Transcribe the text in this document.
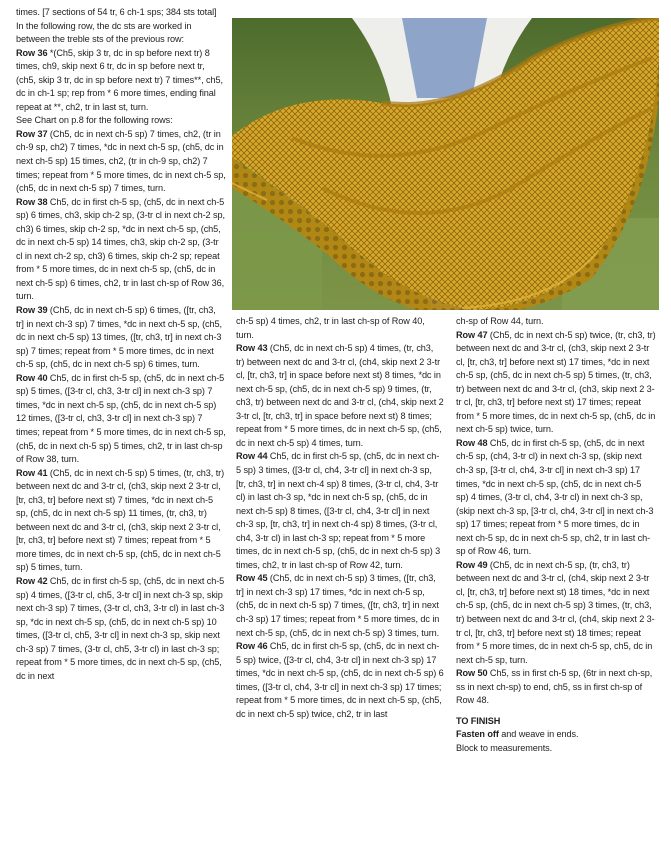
times. [7 sections of 54 tr, 6 ch-1 sps; 384 sts total]

In the following row, the dc sts are worked in between the treble sts of the previous row:

Row 36 *(Ch5, skip 3 tr, dc in sp before next tr) 8 times, ch9, skip next 6 tr, dc in sp before next tr, (ch5, skip 3 tr, dc in sp before next tr) 7 times**, ch5, dc in ch-1 sp; rep from * 6 more times, ending final repeat at **, ch2, tr in last st, turn.

See Chart on p.8 for the following rows:

Row 37 (Ch5, dc in next ch-5 sp) 7 times, ch2, (tr in ch-9 sp, ch2) 7 times, *dc in next ch-5 sp, (ch5, dc in next ch-5 sp) 15 times, ch2, (tr in ch-9 sp, ch2) 7 times; repeat from * 5 more times, dc in next ch-5 sp, (ch5, dc in next ch-5 sp) 7 times, turn.

Row 38 Ch5, dc in first ch-5 sp, (ch5, dc in next ch-5 sp) 6 times, ch3, skip ch-2 sp, (3-tr cl in next ch-2 sp, ch3) 6 times, skip ch-2 sp, *dc in next ch-5 sp, (ch5, dc in next ch-5 sp) 14 times, ch3, skip ch-2 sp, (3-tr cl in next ch-2 sp, ch3) 6 times, skip ch-2 sp; repeat from * 5 more times, dc in next ch-5 sp, (ch5, dc in next ch-5 sp) 6 times, ch2, tr in last ch-sp of Row 36, turn.

Row 39 (Ch5, dc in next ch-5 sp) 6 times, ([tr, ch3, tr] in next ch-3 sp) 7 times, *dc in next ch-5 sp, (ch5, dc in next ch-5 sp) 13 times, ([tr, ch3, tr] in next ch-3 sp) 7 times; repeat from * 5 more times, dc in next ch-5 sp, (ch5, dc in next ch-5 sp) 6 times, turn.

Row 40 Ch5, dc in first ch-5 sp, (ch5, dc in next ch-5 sp) 5 times, ([3-tr cl, ch3, 3-tr cl] in next ch-3 sp) 7 times, *dc in next ch-5 sp, (ch5, dc in next ch-5 sp) 12 times, ([3-tr cl, ch3, 3-tr cl] in next ch-3 sp) 7 times; repeat from * 5 more times, dc in next ch-5 sp, (ch5, dc in next ch-5 sp) 5 times, ch2, tr in last ch-sp of Row 38, turn.

Row 41 (Ch5, dc in next ch-5 sp) 5 times, (tr, ch3, tr) between next dc and 3-tr cl, (ch3, skip next 2 3-tr cl, [tr, ch3, tr] before next st) 7 times, *dc in next ch-5 sp, (ch5, dc in next ch-5 sp) 11 times, (tr, ch3, tr) between next dc and 3-tr cl, (ch3, skip next 2 3-tr cl, [tr, ch3, tr] before next st) 7 times; repeat from * 5 more times, dc in next ch-5 sp, (ch5, dc in next ch-5 sp) 5 times, turn.

Row 42 Ch5, dc in first ch-5 sp, (ch5, dc in next ch-5 sp) 4 times, ([3-tr cl, ch5, 3-tr cl] in next ch-3 sp, skip next ch-3 sp) 7 times, (3-tr cl, ch3, 3-tr cl) in last ch-3 sp, *dc in next ch-5 sp, (ch5, dc in next ch-5 sp) 10 times, ([3-tr cl, ch5, 3-tr cl] in next ch-3 sp, skip next ch-3 sp) 7 times, (3-tr cl, ch5, 3-tr cl) in last ch-3 sp; repeat from * 5 more times, dc in next ch-5 sp, (ch5, dc in next

ch-5 sp) 4 times, ch2, tr in last ch-sp of Row 40, turn.

Row 43 (Ch5, dc in next ch-5 sp) 4 times, (tr, ch3, tr) between next dc and 3-tr cl, (ch4, skip next 2 3-tr cl, [tr, ch3, tr] in space before next st) 8 times, *dc in next ch-5 sp, (ch5, dc in next ch-5 sp) 9 times, (tr, ch3, tr) between next dc and 3-tr cl, (ch4, skip next 2 3-tr cl, [tr, ch3, tr] in space before next st) 8 times; repeat from * 5 more times, dc in next ch-5 sp, (ch5, dc in next ch-5 sp) 4 times, turn.

Row 44 Ch5, dc in first ch-5 sp, (ch5, dc in next ch-5 sp) 3 times, ([3-tr cl, ch4, 3-tr cl] in next ch-3 sp, [tr, ch3, tr] in next ch-4 sp) 8 times, (3-tr cl, ch4, 3-tr cl) in last ch-3 sp, *dc in next ch-5 sp, (ch5, dc in next ch-5 sp) 8 times, ([3-tr cl, ch4, 3-tr cl] in next ch-3 sp, [tr, ch3, tr] in next ch-4 sp) 8 times, (3-tr cl, ch4, 3-tr cl) in last ch-3 sp; repeat from * 5 more times, dc in next ch-5 sp, (ch5, dc in next ch-5 sp) 3 times, ch2, tr in last ch-sp of Row 42, turn.

Row 45 (Ch5, dc in next ch-5 sp) 3 times, ([tr, ch3, tr] in next ch-3 sp) 17 times, *dc in next ch-5 sp, (ch5, dc in next ch-5 sp) 7 times, ([tr, ch3, tr] in next ch-3 sp) 17 times; repeat from * 5 more times, dc in next ch-5 sp, (ch5, dc in next ch-5 sp) 3 times, turn.

Row 46 Ch5, dc in first ch-5 sp, (ch5, dc in next ch-5 sp) twice, ([3-tr cl, ch4, 3-tr cl] in next ch-3 sp) 17 times, *dc in next ch-5 sp, (ch5, dc in next ch-5 sp) 6 times, ([3-tr cl, ch4, 3-tr cl] in next ch-3 sp) 17 times; repeat from * 5 more times, dc in next ch-5 sp, (ch5, dc in next ch-5 sp) twice, ch2, tr in last

ch-sp of Row 44, turn.

Row 47 (Ch5, dc in next ch-5 sp) twice, (tr, ch3, tr) between next dc and 3-tr cl, (ch3, skip next 2 3-tr cl, [tr, ch3, tr] before next st) 17 times, *dc in next ch-5 sp, (ch5, dc in next ch-5 sp) 5 times, (tr, ch3, tr) between next dc and 3-tr cl, (ch3, skip next 2 3-tr cl, [tr, ch3, tr] before next st) 17 times; repeat from * 5 more times, dc in next ch-5 sp, (ch5, dc in next ch-5 sp) twice, turn.

Row 48 Ch5, dc in first ch-5 sp, (ch5, dc in next ch-5 sp, (ch4, 3-tr cl) in next ch-3 sp, (skip next ch-3 sp, [3-tr cl, ch4, 3-tr cl] in next ch-3 sp) 17 times, *dc in next ch-5 sp, (ch5, dc in next ch-5 sp) 4 times, (3-tr cl, ch4, 3-tr cl) in next ch-3 sp, (skip next ch-3 sp, [3-tr cl, ch4, 3-tr cl] in next ch-3 sp) 17 times; repeat from * 5 more times, dc in next ch-5 sp, dc in next ch-5 sp, ch2, tr in last ch-sp of Row 46, turn.

Row 49 (Ch5, dc in next ch-5 sp, (tr, ch3, tr) between next dc and 3-tr cl, (ch4, skip next 2 3-tr cl, [tr, ch3, tr] before next st) 18 times, *dc in next ch-5 sp, (ch5, dc in next ch-5 sp) 3 times, (tr, ch3, tr) between next dc and 3-tr cl, (ch4, skip next 2 3-tr cl, [tr, ch3, tr] before next st) 18 times; repeat from * 5 more times, dc in next ch-5 sp, ch5, dc in next ch-5 sp, turn.

Row 50 Ch5, ss in first ch-5 sp, (6tr in next ch-sp, ss in next ch-sp) to end, ch5, ss in first ch-sp of Row 48.

TO FINISH

Fasten off and weave in ends.

Block to measurements.
